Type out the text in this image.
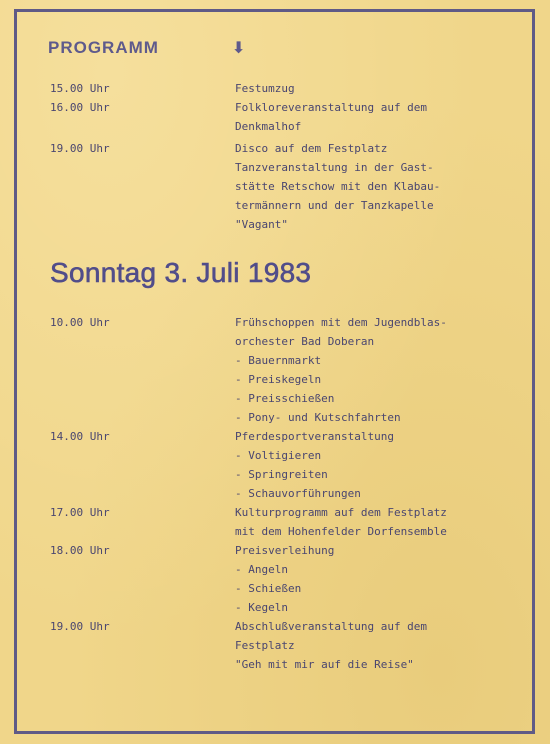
PROGRAMM	⬇
15.00 Uhr	Festumzug
16.00 Uhr	Folkloreveranstaltung auf dem
Denkmalhof
19.00 Uhr	Disco auf dem Festplatz
Tanzveranstaltung in der Gast-
stätte Retschow mit den Klabau-
termännern und der Tanzkapelle
"Vagant"
Sonntag 3. Juli 1983
10.00 Uhr	Frühschoppen mit dem Jugendblas-
orchester Bad Doberan
- Bauernmarkt
- Preiskegeln
- Preisschießen
- Pony- und Kutschfahrten
14.00 Uhr	Pferdesportveranstaltung
- Voltigieren
- Springreiten
- Schauvorführungen
17.00 Uhr	Kulturprogramm auf dem Festplatz
mit dem Hohenfelder Dorfensemble
18.00 Uhr	Preisverleihung
- Angeln
- Schießen
- Kegeln
19.00 Uhr	Abschlußveranstaltung auf dem
Festplatz
"Geh mit mir auf die Reise"
